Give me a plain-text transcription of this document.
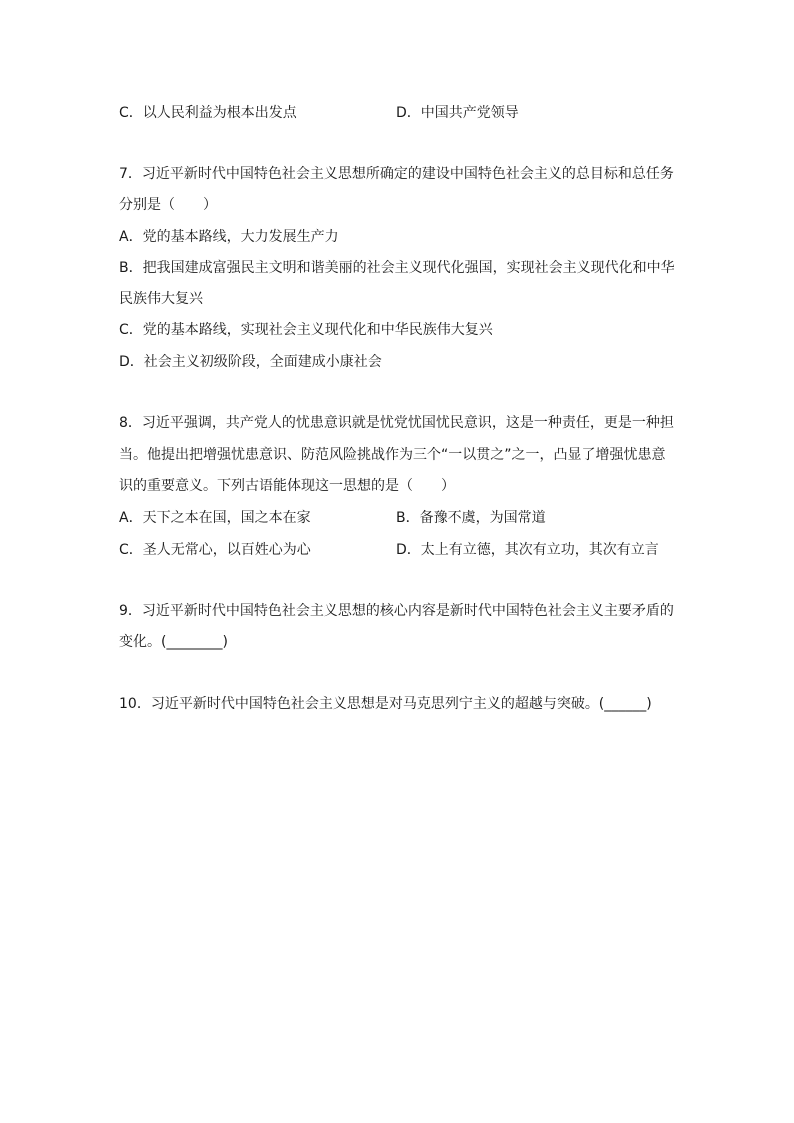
C．以人民利益为根本出发点	D．中国共产党领导
7．习近平新时代中国特色社会主义思想所确定的建设中国特色社会主义的总目标和总任务
分别是（　　）
A．党的基本路线，大力发展生产力
B．把我国建成富强民主文明和谐美丽的社会主义现代化强国，实现社会主义现代化和中华
民族伟大复兴
C．党的基本路线，实现社会主义现代化和中华民族伟大复兴
D．社会主义初级阶段，全面建成小康社会
8．习近平强调，共产党人的忧患意识就是忧党忧国忧民意识，这是一种责任，更是一种担
当。他提出把增强忧患意识、防范风险挑战作为三个“一以贯之”之一，凸显了增强忧患意
识的重要意义。下列古语能体现这一思想的是（　　）
A．天下之本在国，国之本在家	B．备豫不虞，为国常道
C．圣人无常心，以百姓心为心	D．太上有立德，其次有立功，其次有立言
9．习近平新时代中国特色社会主义思想的核心内容是新时代中国特色社会主义主要矛盾的
变化。(________)
10．习近平新时代中国特色社会主义思想是对马克思列宁主义的超越与突破。(______)
